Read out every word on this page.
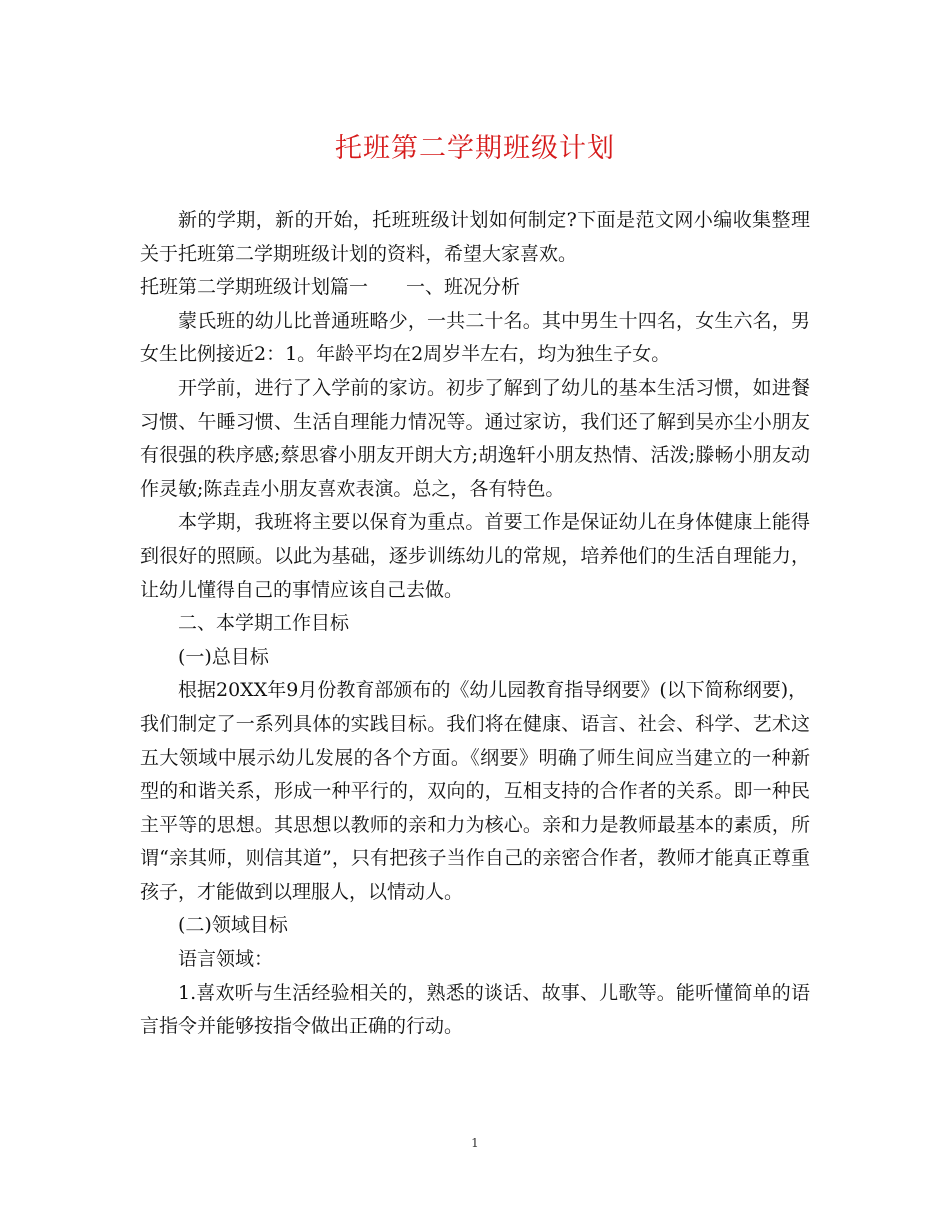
托班第二学期班级计划

新的学期，新的开始，托班班级计划如何制定?下面是范文网小编收集整理关于托班第二学期班级计划的资料，希望大家喜欢。

托班第二学期班级计划篇一 一、班况分析

蒙氏班的幼儿比普通班略少，一共二十名。其中男生十四名，女生六名，男女生比例接近2：1。年龄平均在2周岁半左右，均为独生子女。

开学前，进行了入学前的家访。初步了解到了幼儿的基本生活习惯，如进餐习惯、午睡习惯、生活自理能力情况等。通过家访，我们还了解到吴亦尘小朋友有很强的秩序感;蔡思睿小朋友开朗大方;胡逸轩小朋友热情、活泼;滕畅小朋友动作灵敏;陈垚垚小朋友喜欢表演。总之，各有特色。

本学期，我班将主要以保育为重点。首要工作是保证幼儿在身体健康上能得到很好的照顾。以此为基础，逐步训练幼儿的常规，培养他们的生活自理能力，让幼儿懂得自己的事情应该自己去做。

二、本学期工作目标

(一)总目标

根据20XX年9月份教育部颁布的《幼儿园教育指导纲要》(以下简称纲要)，

我们制定了一系列具体的实践目标。我们将在健康、语言、社会、科学、艺术这五大领域中展示幼儿发展的各个方面。《纲要》明确了师生间应当建立的一种新型的和谐关系，形成一种平行的，双向的，互相支持的合作者的关系。即一种民主平等的思想。其思想以教师的亲和力为核心。亲和力是教师最基本的素质，所谓“亲其师，则信其道”，只有把孩子当作自己的亲密合作者，教师才能真正尊重孩子，才能做到以理服人，以情动人。

(二)领域目标

语言领域：

1.喜欢听与生活经验相关的，熟悉的谈话、故事、儿歌等。能听懂简单的语言指令并能够按指令做出正确的行动。

1
